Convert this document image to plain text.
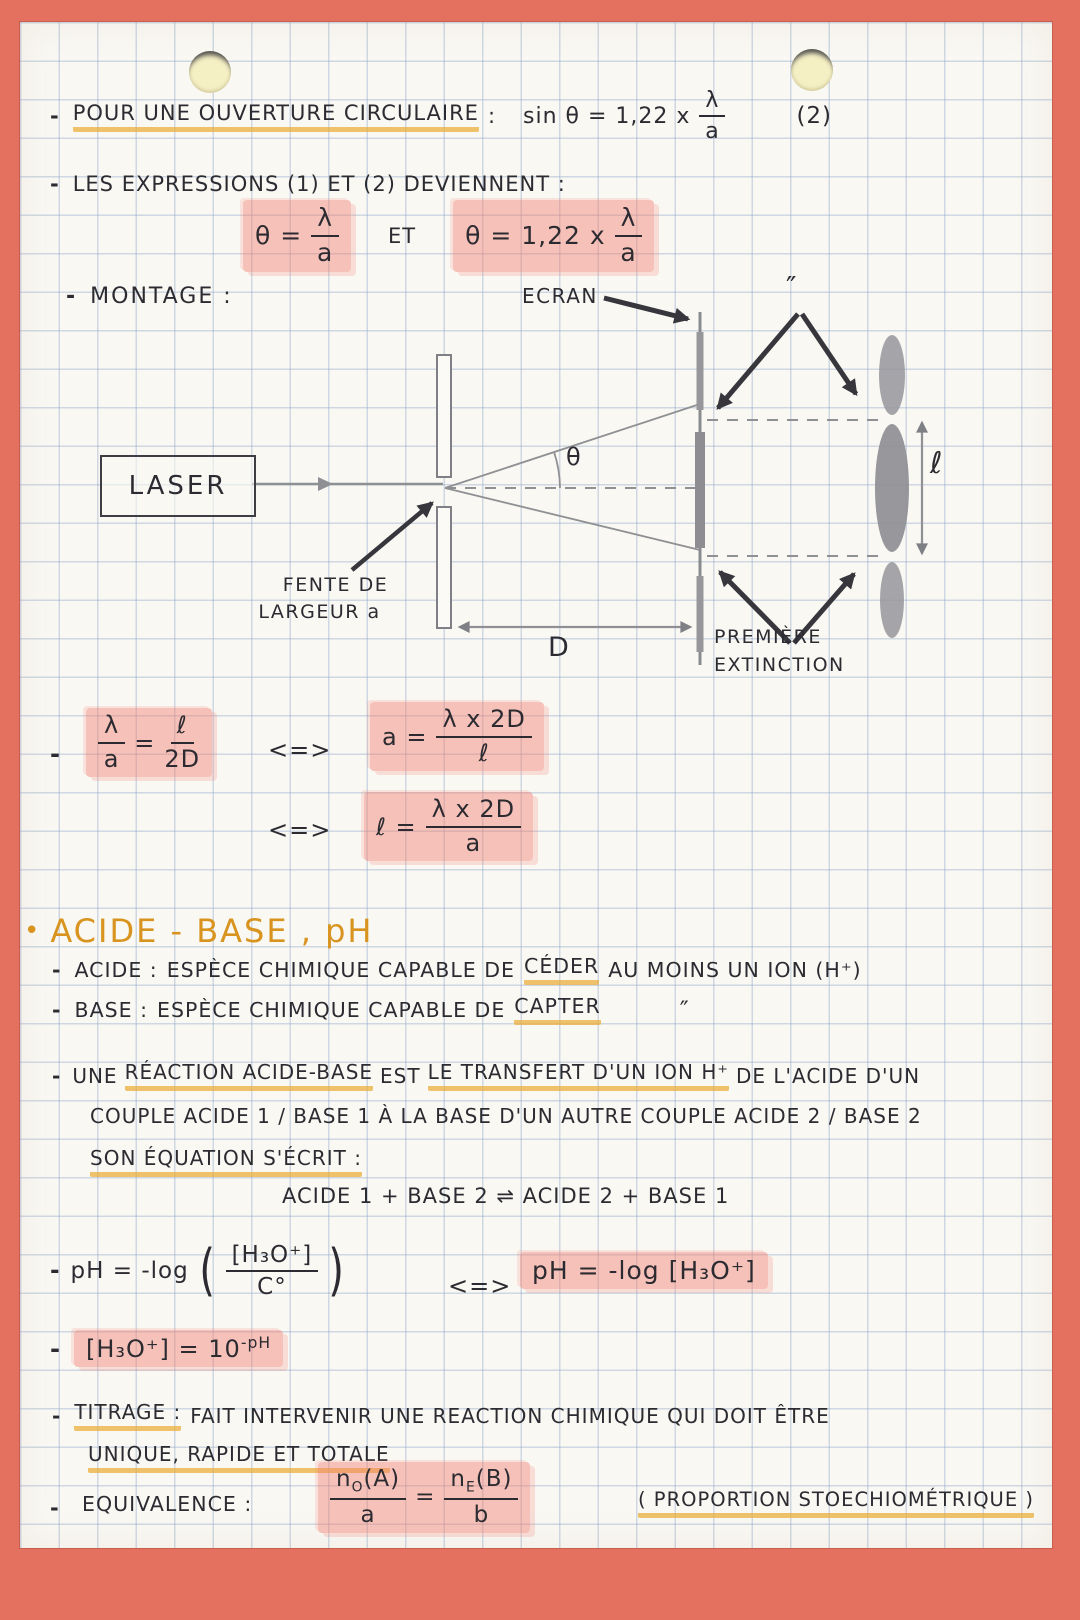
- POUR UNE OUVERTURE CIRCULAIRE : sin θ = 1,22 x $\frac{\lambda}{a}$	(2)
- LES EXPRESSIONS (1) ET (2) DEVIENNENT :
$\theta = \frac{\lambda}{a}$ ET θ = 1,22 x $\frac{\lambda}{a}$
- MONTAGE :	ECRAN
LASER
θ
FENTE DE
LARGEUR a
D
ℓ
″
PREMIÈRE
EXTINCTION
- $\frac{\lambda}{a} = \frac{\text{ℓ}}{2D}$	<=> $a = \frac{\text{λ x 2D}}{\text{ℓ}}$
<=> ℓ = $\frac{\text{λ x 2D}}{a}$
• ACIDE - BASE , pH
- ACIDE : ESPÈCE CHIMIQUE CAPABLE DE CÉDER AU MOINS UN ION (H⁺)
- BASE : ESPÈCE CHIMIQUE CAPABLE DE CAPTER	″
- UNE RÉACTION ACIDE-BASE EST LE TRANSFERT D'UN ION H⁺ DE L'ACIDE D'UN
COUPLE ACIDE 1 / BASE 1 À LA BASE D'UN AUTRE COUPLE ACIDE 2 / BASE 2
SON ÉQUATION S'ÉCRIT :
ACIDE 1 + BASE 2 ⇌ ACIDE 2 + BASE 1
- pH = -log ( $\frac{\text{[H₃O⁺]}}{C^\circ}$ )	<=>
pH = -log [H₃O⁺]
-	$[H_3O^+] = 10^{-pH}$
- TITRAGE : FAIT INTERVENIR UNE REACTION CHIMIQUE QUI DOIT ÊTRE
UNIQUE, RAPIDE ET TOTALE
- EQUIVALENCE :	$\frac{n_O(A)}{a} = \frac{n_E(B)}{b}$	( PROPORTION STOECHIOMÉTRIQUE )
